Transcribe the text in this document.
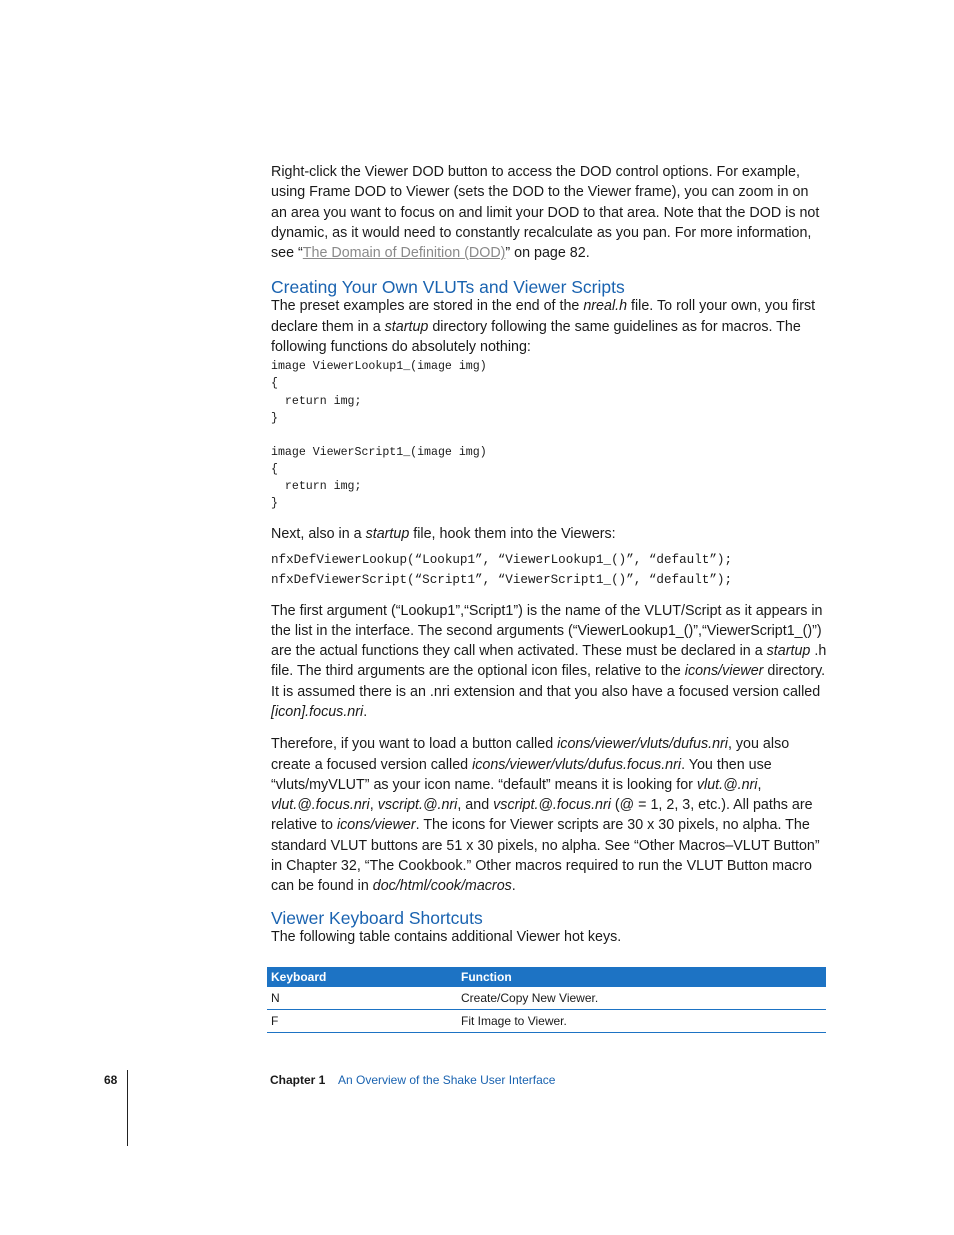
Right-click the Viewer DOD button to access the DOD control options. For example, using Frame DOD to Viewer (sets the DOD to the Viewer frame), you can zoom in on an area you want to focus on and limit your DOD to that area. Note that the DOD is not dynamic, as it would need to constantly recalculate as you pan. For more information, see “The Domain of Definition (DOD)” on page 82.

Creating Your Own VLUTs and Viewer Scripts

The preset examples are stored in the end of the nreal.h file. To roll your own, you first declare them in a startup directory following the same guidelines as for macros. The following functions do absolutely nothing:

image ViewerLookup1_(image img)
{
return img;
}

image ViewerScript1_(image img)
{
return img;
}

Next, also in a startup file, hook them into the Viewers:

nfxDefViewerLookup(“Lookup1”, “ViewerLookup1_()”, “default”);
nfxDefViewerScript(“Script1”, “ViewerScript1_()”, “default”);

The first argument (“Lookup1”,“Script1”) is the name of the VLUT/Script as it appears in the list in the interface. The second arguments (“ViewerLookup1_()”,“ViewerScript1_()”) are the actual functions they call when activated. These must be declared in a startup .h file. The third arguments are the optional icon files, relative to the icons/viewer directory. It is assumed there is an .nri extension and that you also have a focused version called [icon].focus.nri.

Therefore, if you want to load a button called icons/viewer/vluts/dufus.nri, you also create a focused version called icons/viewer/vluts/dufus.focus.nri. You then use “vluts/myVLUT” as your icon name. “default” means it is looking for vlut.@.nri, vlut.@.focus.nri, vscript.@.nri, and vscript.@.focus.nri (@ = 1, 2, 3, etc.). All paths are relative to icons/viewer. The icons for Viewer scripts are 30 x 30 pixels, no alpha. The standard VLUT buttons are 51 x 30 pixels, no alpha. See “Other Macros–VLUT Button” in Chapter 32, “The Cookbook.” Other macros required to run the VLUT Button macro can be found in doc/html/cook/macros.

Viewer Keyboard Shortcuts

The following table contains additional Viewer hot keys.

Keyboard	Function
N	Create/Copy New Viewer.
F	Fit Image to Viewer.
68	Chapter 1 An Overview of the Shake User Interface
